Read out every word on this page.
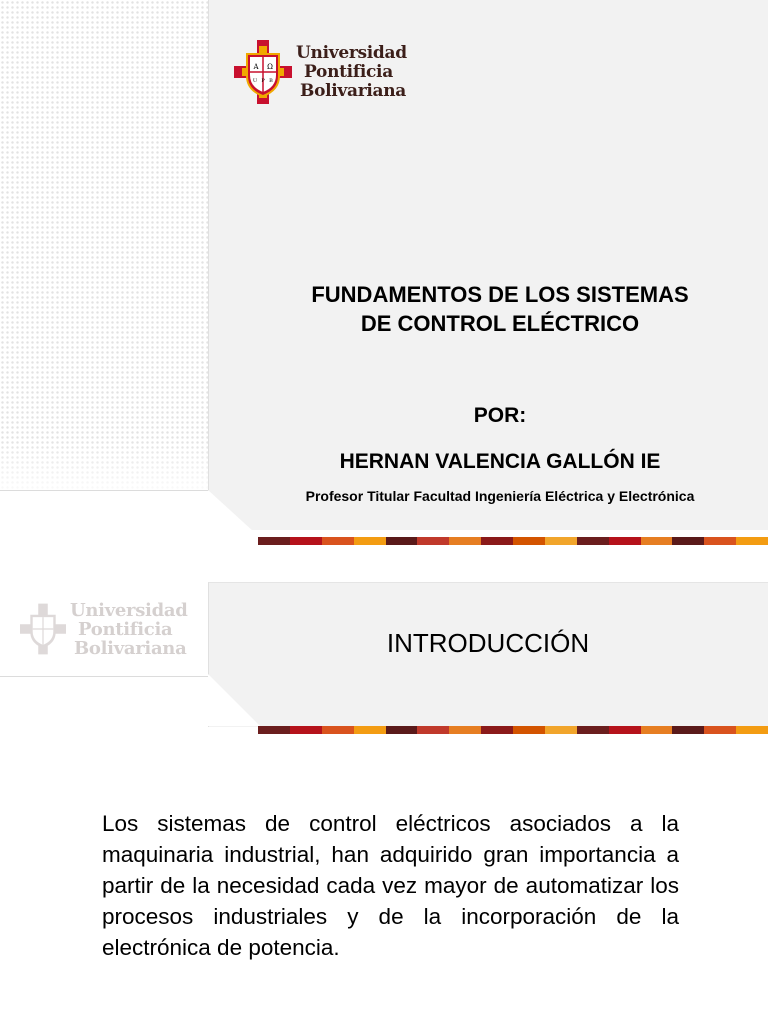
A Ω
U P B
Universidad
Pontificia
Bolivariana
FUNDAMENTOS DE LOS SISTEMAS
DE CONTROL ELÉCTRICO
POR:
HERNAN VALENCIA GALLÓN IE
Profesor Titular Facultad Ingeniería Eléctrica y Electrónica
Universidad
Pontificia
Bolivariana	INTRODUCCIÓN
Los sistemas de control eléctricos asociados a la maquinaria industrial, han adquirido gran importancia a partir de la necesidad cada vez mayor de automatizar los procesos industriales y de la incorporación de la electrónica de potencia.
